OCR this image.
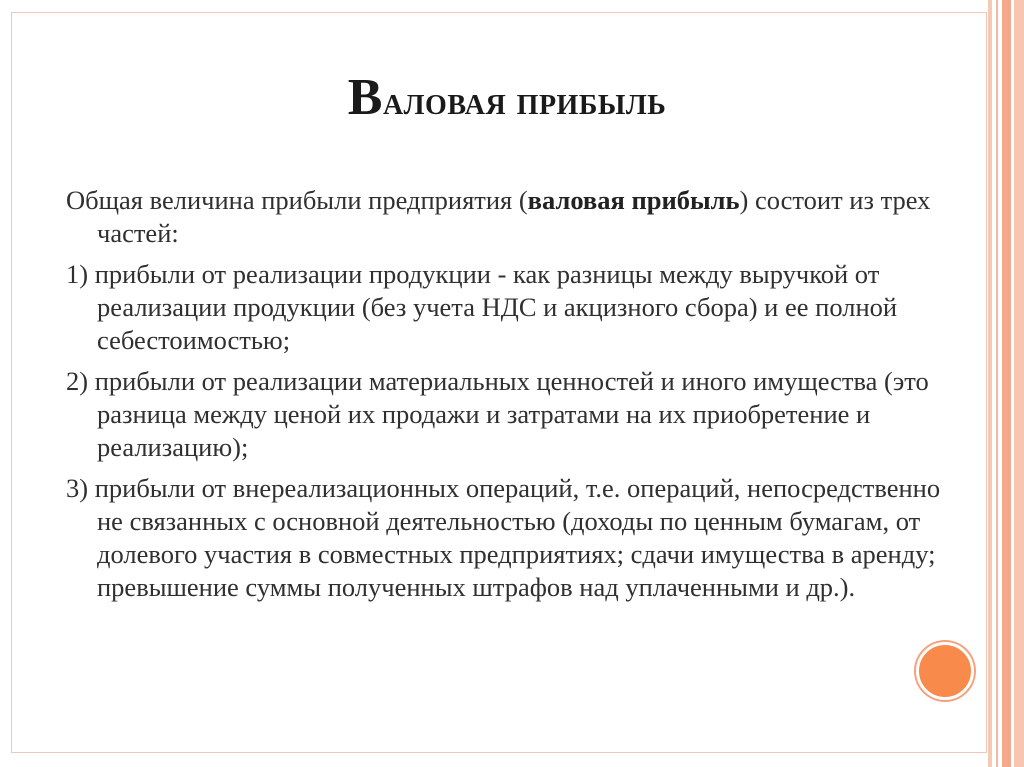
Валовая прибыль

Общая величина прибыли предприятия (валовая прибыль) состоит из трех частей:

1) прибыли от реализации продукции - как разницы между выручкой от реализации продукции (без учета НДС и акцизного сбора) и ее полной себестоимостью;

2) прибыли от реализации материальных ценностей и иного имущества (это разница между ценой их продажи и затратами на их приобретение и реализацию);

3) прибыли от внереализационных операций, т.е. операций, непосредственно не связанных с основной деятельностью (доходы по ценным бумагам, от долевого участия в совместных предприятиях; сдачи имущества в аренду; превышение суммы полученных штрафов над уплаченными и др.).
